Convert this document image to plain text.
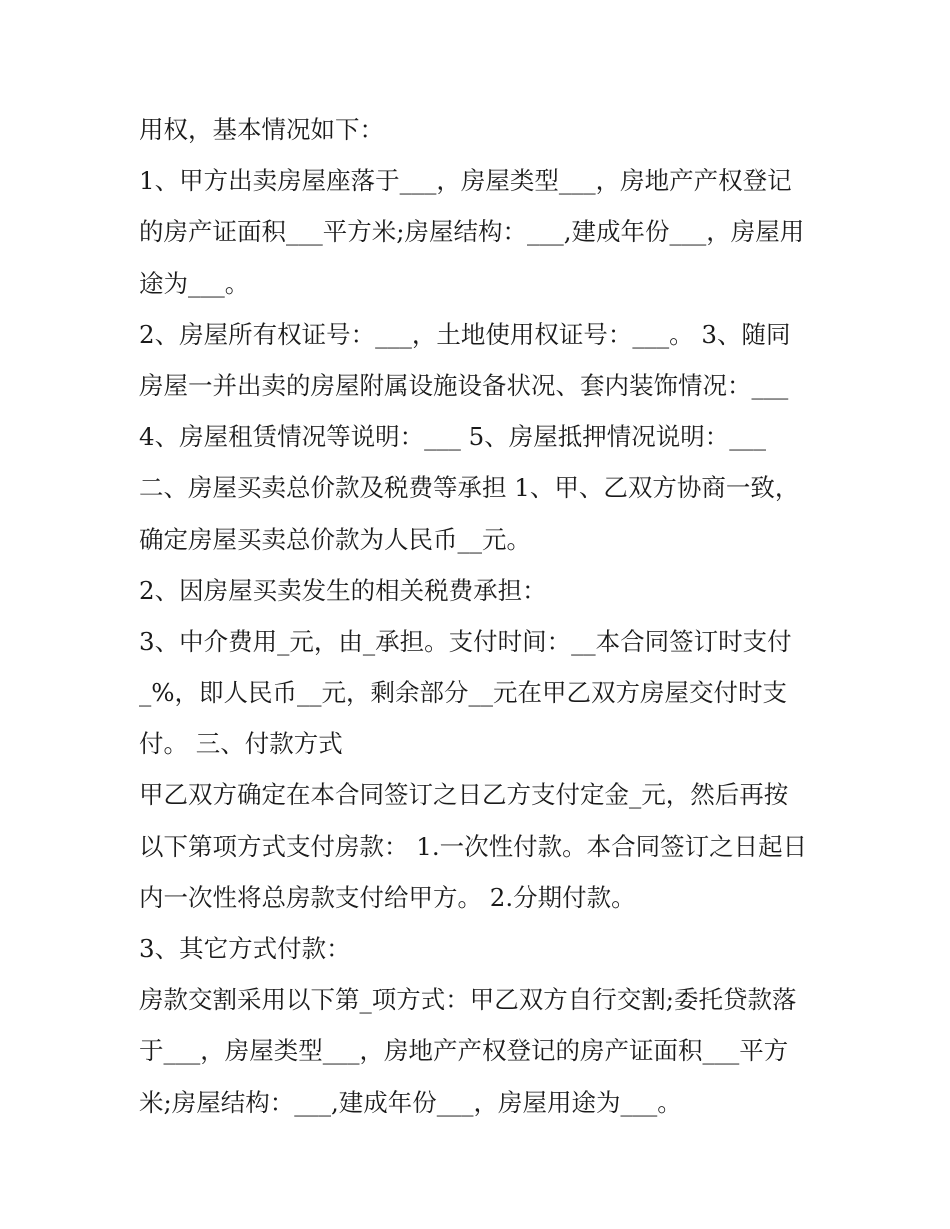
用权，基本情况如下：
1、甲方出卖房屋座落于___，房屋类型___，房地产产权登记
的房产证面积___平方米;房屋结构：___,建成年份___，房屋用
途为___。
2、房屋所有权证号：___，土地使用权证号：___。 3、随同
房屋一并出卖的房屋附属设施设备状况、套内装饰情况：___
4、房屋租赁情况等说明：___ 5、房屋抵押情况说明：___
二、房屋买卖总价款及税费等承担 1、甲、乙双方协商一致，
确定房屋买卖总价款为人民币__元。
2、因房屋买卖发生的相关税费承担：
3、中介费用_元，由_承担。支付时间：__本合同签订时支付
_%，即人民币__元，剩余部分__元在甲乙双方房屋交付时支
付。 三、付款方式
甲乙双方确定在本合同签订之日乙方支付定金_元，然后再按
以下第项方式支付房款： 1.一次性付款。本合同签订之日起日
内一次性将总房款支付给甲方。 2.分期付款。
3、其它方式付款：
房款交割采用以下第_项方式：甲乙双方自行交割;委托贷款落
于___，房屋类型___，房地产产权登记的房产证面积___平方
米;房屋结构：___,建成年份___，房屋用途为___。
